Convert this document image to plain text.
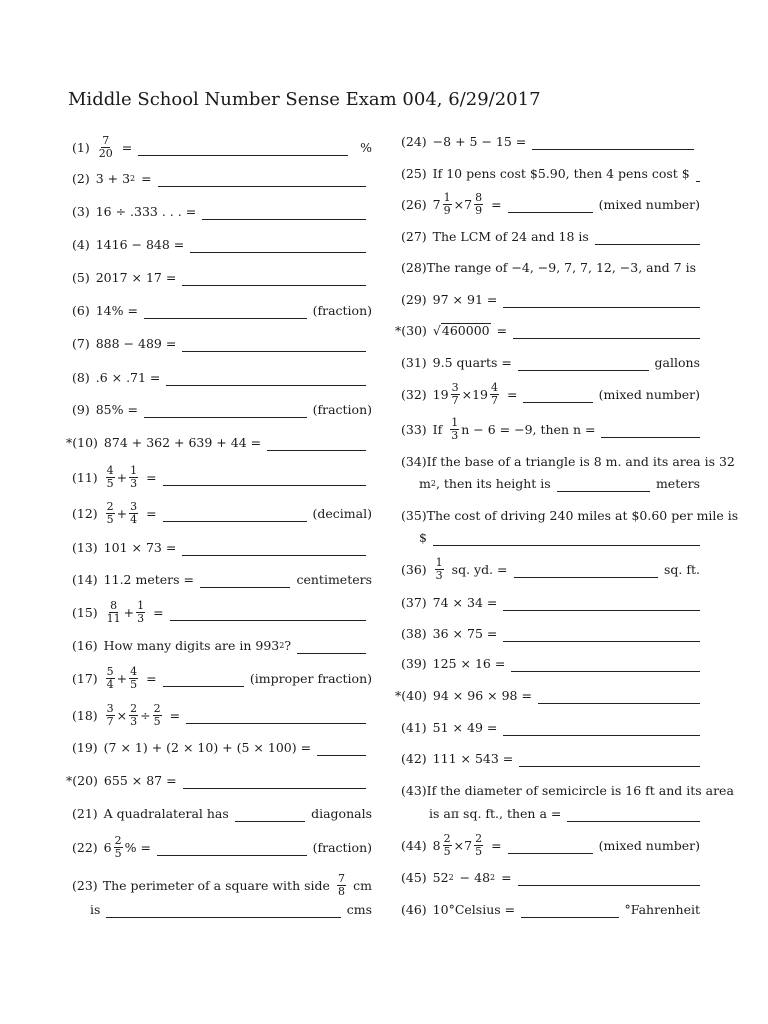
Middle School Number Sense Exam 004, 6/29/2017
$(1) \frac{7}{20}$ =	%
(2) 3 + 3 2 =
(3) 16 ÷ .333 . . . =
(4) 1416 − 848 =
(5) 2017 × 17 =
(6) 14% =	(fraction)
(7) 888 − 489 =
(8) .6 × .71 =
(9) 85% =	(fraction)
*(10) 874 + 362 + 639 + 44 =
$(11) \frac{4}{5} + \frac{1}{3}$ =
$(12) \frac{2}{5} + \frac{3}{4}$ =	(decimal)
(13) 101 × 73 =
(14) 11.2 meters =	centimeters
$(15) \frac{8}{11} + \frac{1}{3}$ =
(16) How many digits are in 993 2 ?
$(17) \frac{5}{4} + \frac{4}{5}$ =	(improper fraction)
$(18) \frac{3}{7} \times \frac{2}{3} \div \frac{2}{5}$ =
(19) (7 × 1) + (2 × 10) + (5 × 100) =
*(20) 655 × 87 =
(21) A quadralateral has	diagonals
(22) $6 \frac{2}{5}$ % =	(fraction)
(23) The perimeter of a square with side $\frac{7}{8}$ cm
is	cms
(24) −8 + 5 − 15 =
(25) If 10 pens cost $5.90, then 4 pens cost $
(26) $7 \frac{1}{9} \times 7 \frac{8}{9}$ =	(mixed number)
(27) The LCM of 24 and 18 is
(28) The range of −4, −9, 7, 7, 12, −3, and 7 is
(29) 97 × 91 =
*(30) √ 460000 =
(31) 9.5 quarts =	gallons
(32) $19 \frac{3}{7} \times 19 \frac{4}{7}$ =	(mixed number)
(33) If $\frac{1}{3}$ n − 6 = −9, then n =
(34) If the base of a triangle is 8 m. and its area is 32
m 2 , then its height is	meters
(35) The cost of driving 240 miles at $0.60 per mile is
$
$(36) \frac{1}{3}$ sq. yd. =	sq. ft.
(37) 74 × 34 =
(38) 36 × 75 =
(39) 125 × 16 =
*(40) 94 × 96 × 98 =
(41) 51 × 49 =
(42) 111 × 543 =
(43) If the diameter of semicircle is 16 ft and its area
is aπ sq. ft., then a =
(44) $8 \frac{2}{5} \times 7 \frac{2}{5}$ =	(mixed number)
(45) 52 2 − 48 2 =
(46) 10°Celsius =	°Fahrenheit
